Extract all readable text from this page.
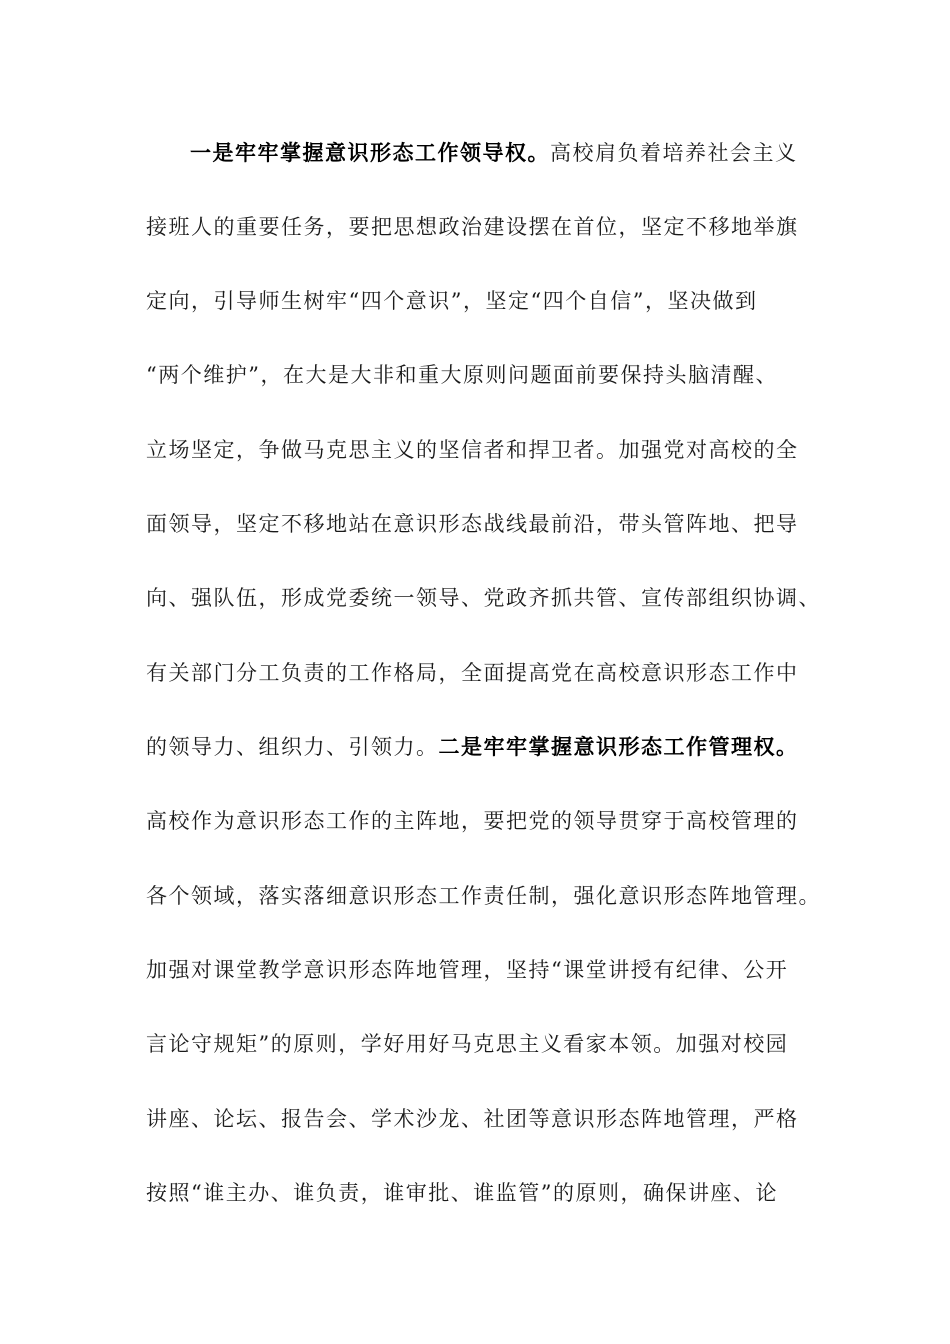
一是牢牢掌握意识形态工作领导权。高校肩负着培养社会主义
接班人的重要任务，要把思想政治建设摆在首位，坚定不移地举旗
定向，引导师生树牢“四个意识”，坚定“四个自信”，坚决做到
“两个维护”，在大是大非和重大原则问题面前要保持头脑清醒、
立场坚定，争做马克思主义的坚信者和捍卫者。加强党对高校的全
面领导，坚定不移地站在意识形态战线最前沿，带头管阵地、把导
向、强队伍，形成党委统一领导、党政齐抓共管、宣传部组织协调、
有关部门分工负责的工作格局，全面提高党在高校意识形态工作中
的领导力、组织力、引领力。二是牢牢掌握意识形态工作管理权。
高校作为意识形态工作的主阵地，要把党的领导贯穿于高校管理的
各个领域，落实落细意识形态工作责任制，强化意识形态阵地管理。
加强对课堂教学意识形态阵地管理，坚持“课堂讲授有纪律、公开
言论守规矩”的原则，学好用好马克思主义看家本领。加强对校园
讲座、论坛、报告会、学术沙龙、社团等意识形态阵地管理，严格
按照“谁主办、谁负责，谁审批、谁监管”的原则，确保讲座、论
